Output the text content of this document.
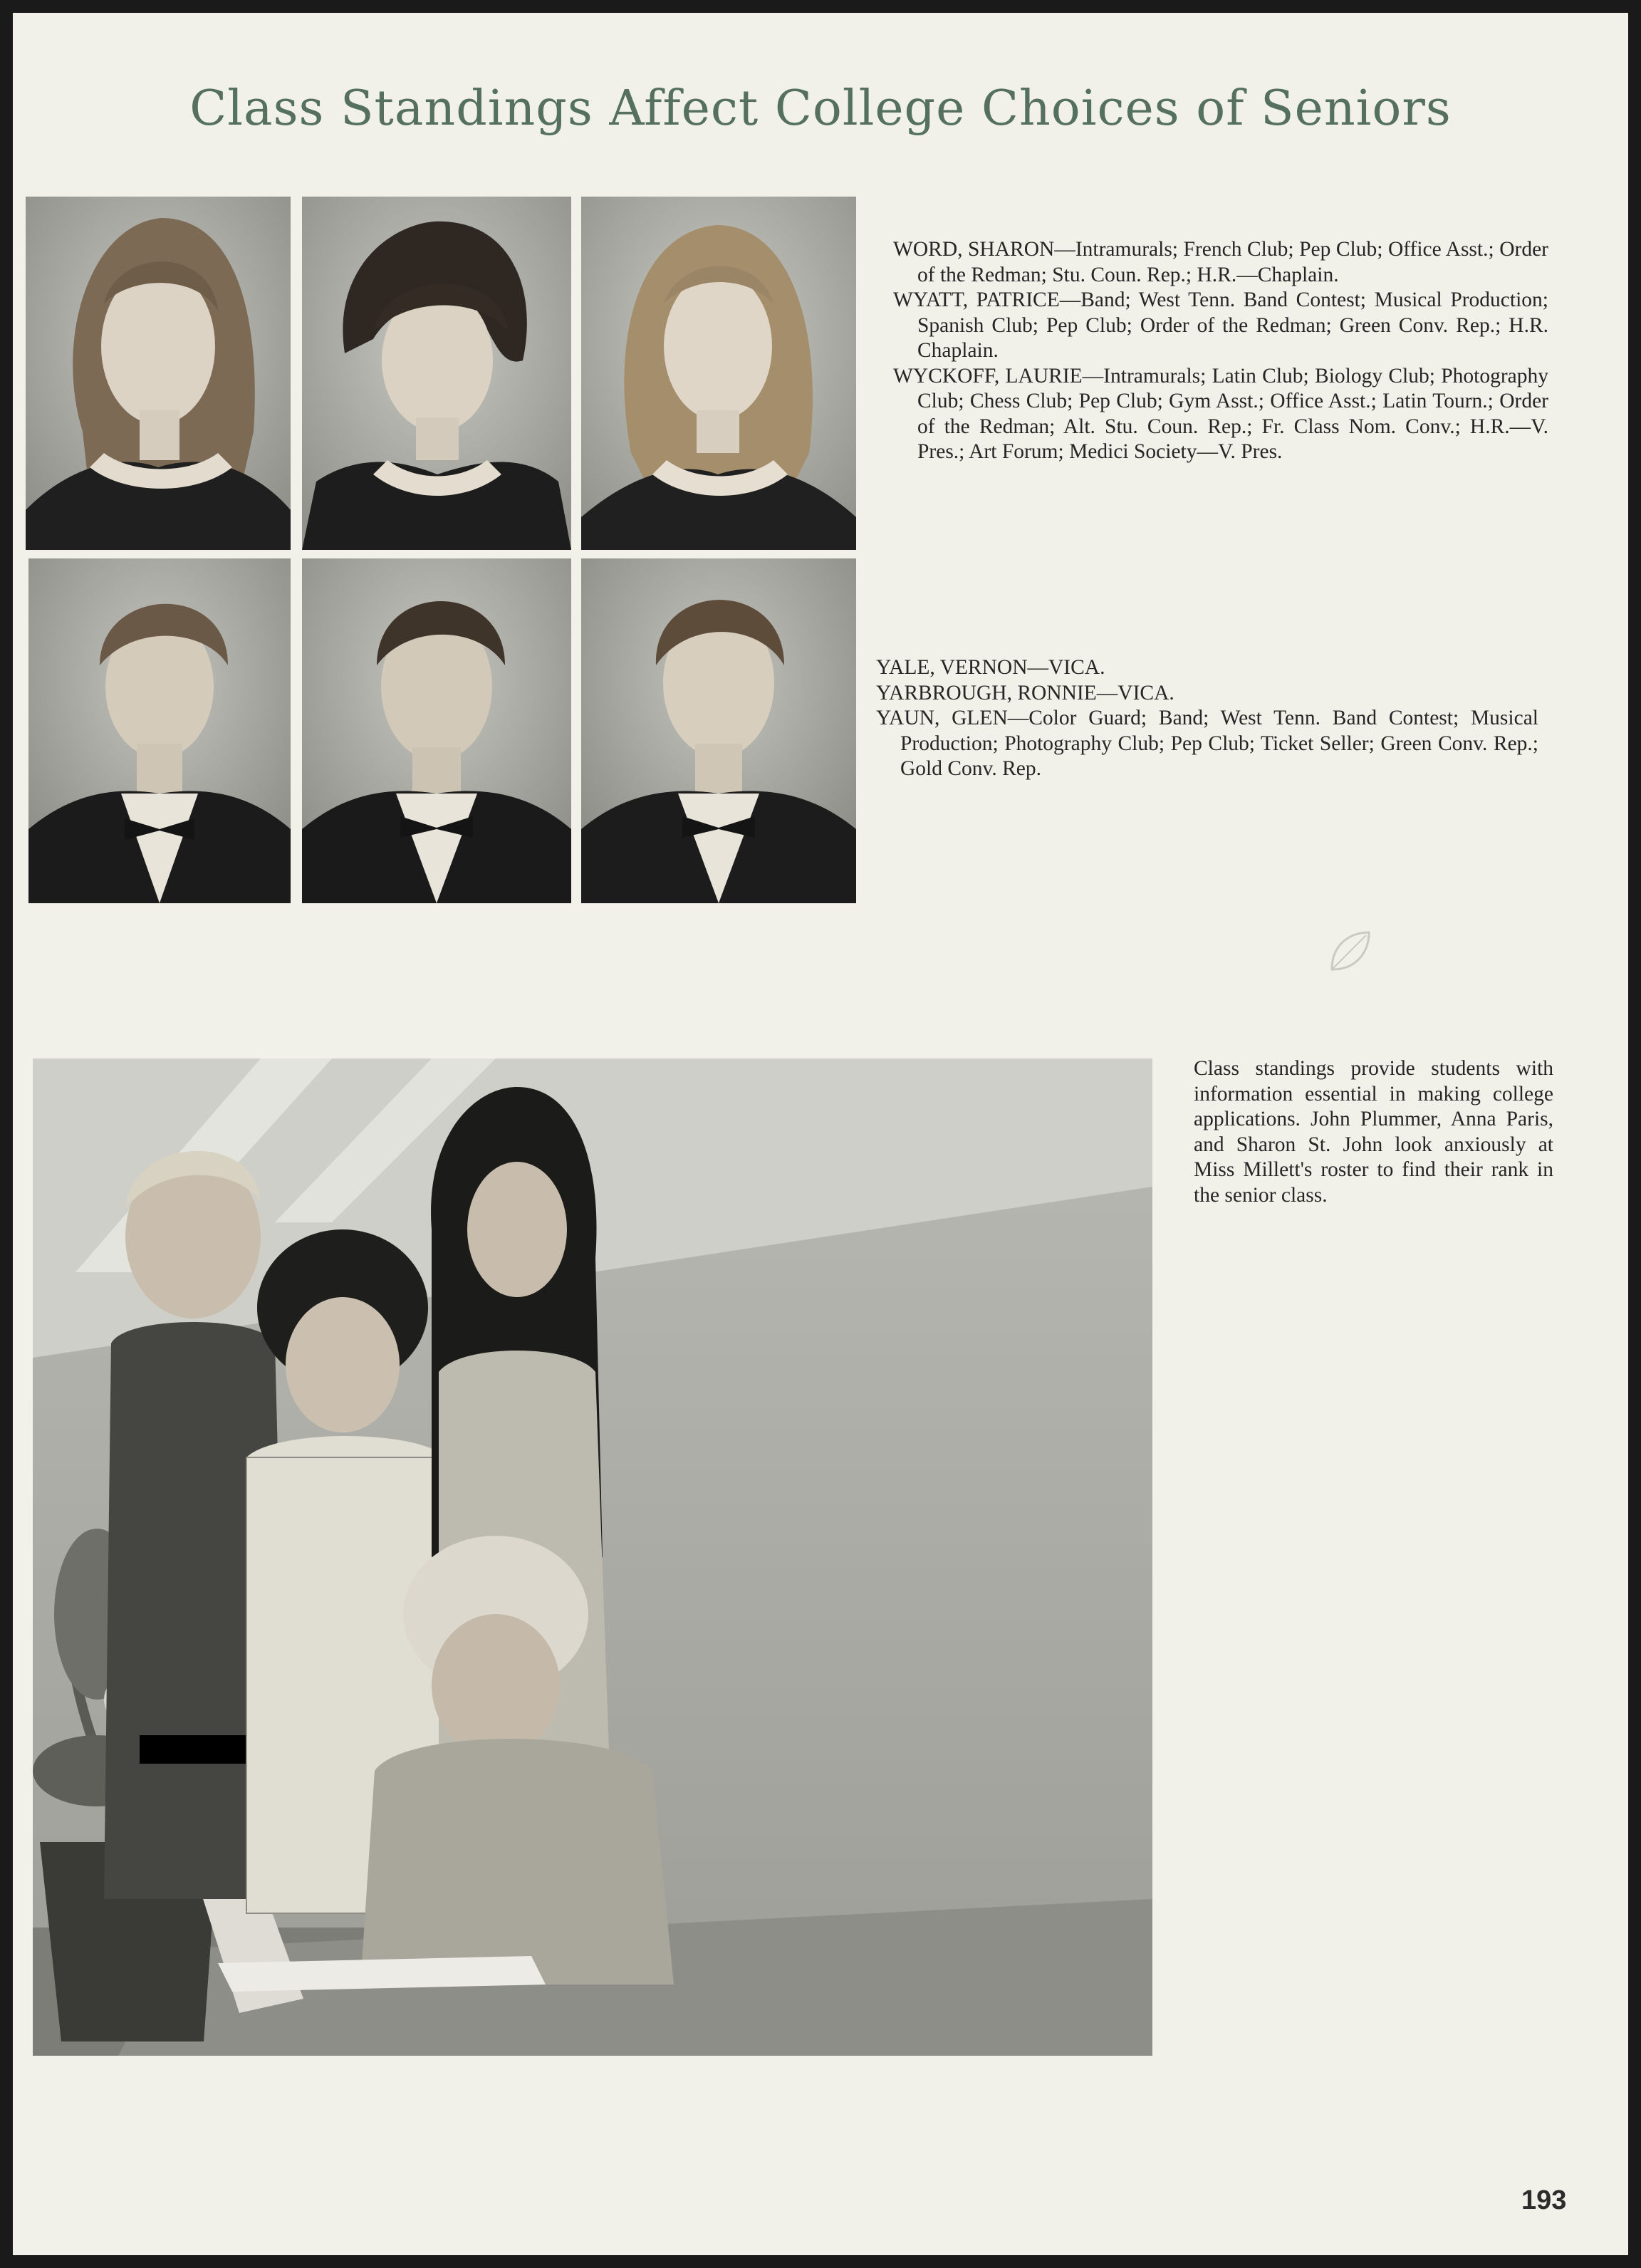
Class Standings Affect College Choices of Seniors

WORD, SHARON—Intramurals; French Club; Pep Club; Office Asst.; Order of the Redman; Stu. Coun. Rep.; H.R.—Chaplain.

WYATT, PATRICE—Band; West Tenn. Band Contest; Musical Production; Spanish Club; Pep Club; Order of the Redman; Green Conv. Rep.; H.R. Chaplain.

WYCKOFF, LAURIE—Intramurals; Latin Club; Biology Club; Photography Club; Chess Club; Pep Club; Gym Asst.; Office Asst.; Latin Tourn.; Order of the Redman; Alt. Stu. Coun. Rep.; Fr. Class Nom. Conv.; H.R.—V. Pres.; Art Forum; Medici Society—V. Pres.

YALE, VERNON—VICA.

YARBROUGH, RONNIE—VICA.

YAUN, GLEN—Color Guard; Band; West Tenn. Band Contest; Musical Production; Photography Club; Pep Club; Ticket Seller; Green Conv. Rep.; Gold Conv. Rep.

Class standings provide students with information essential in making college applications. John Plummer, Anna Paris, and Sharon St. John look anxiously at Miss Millett's roster to find their rank in the senior class.

193
